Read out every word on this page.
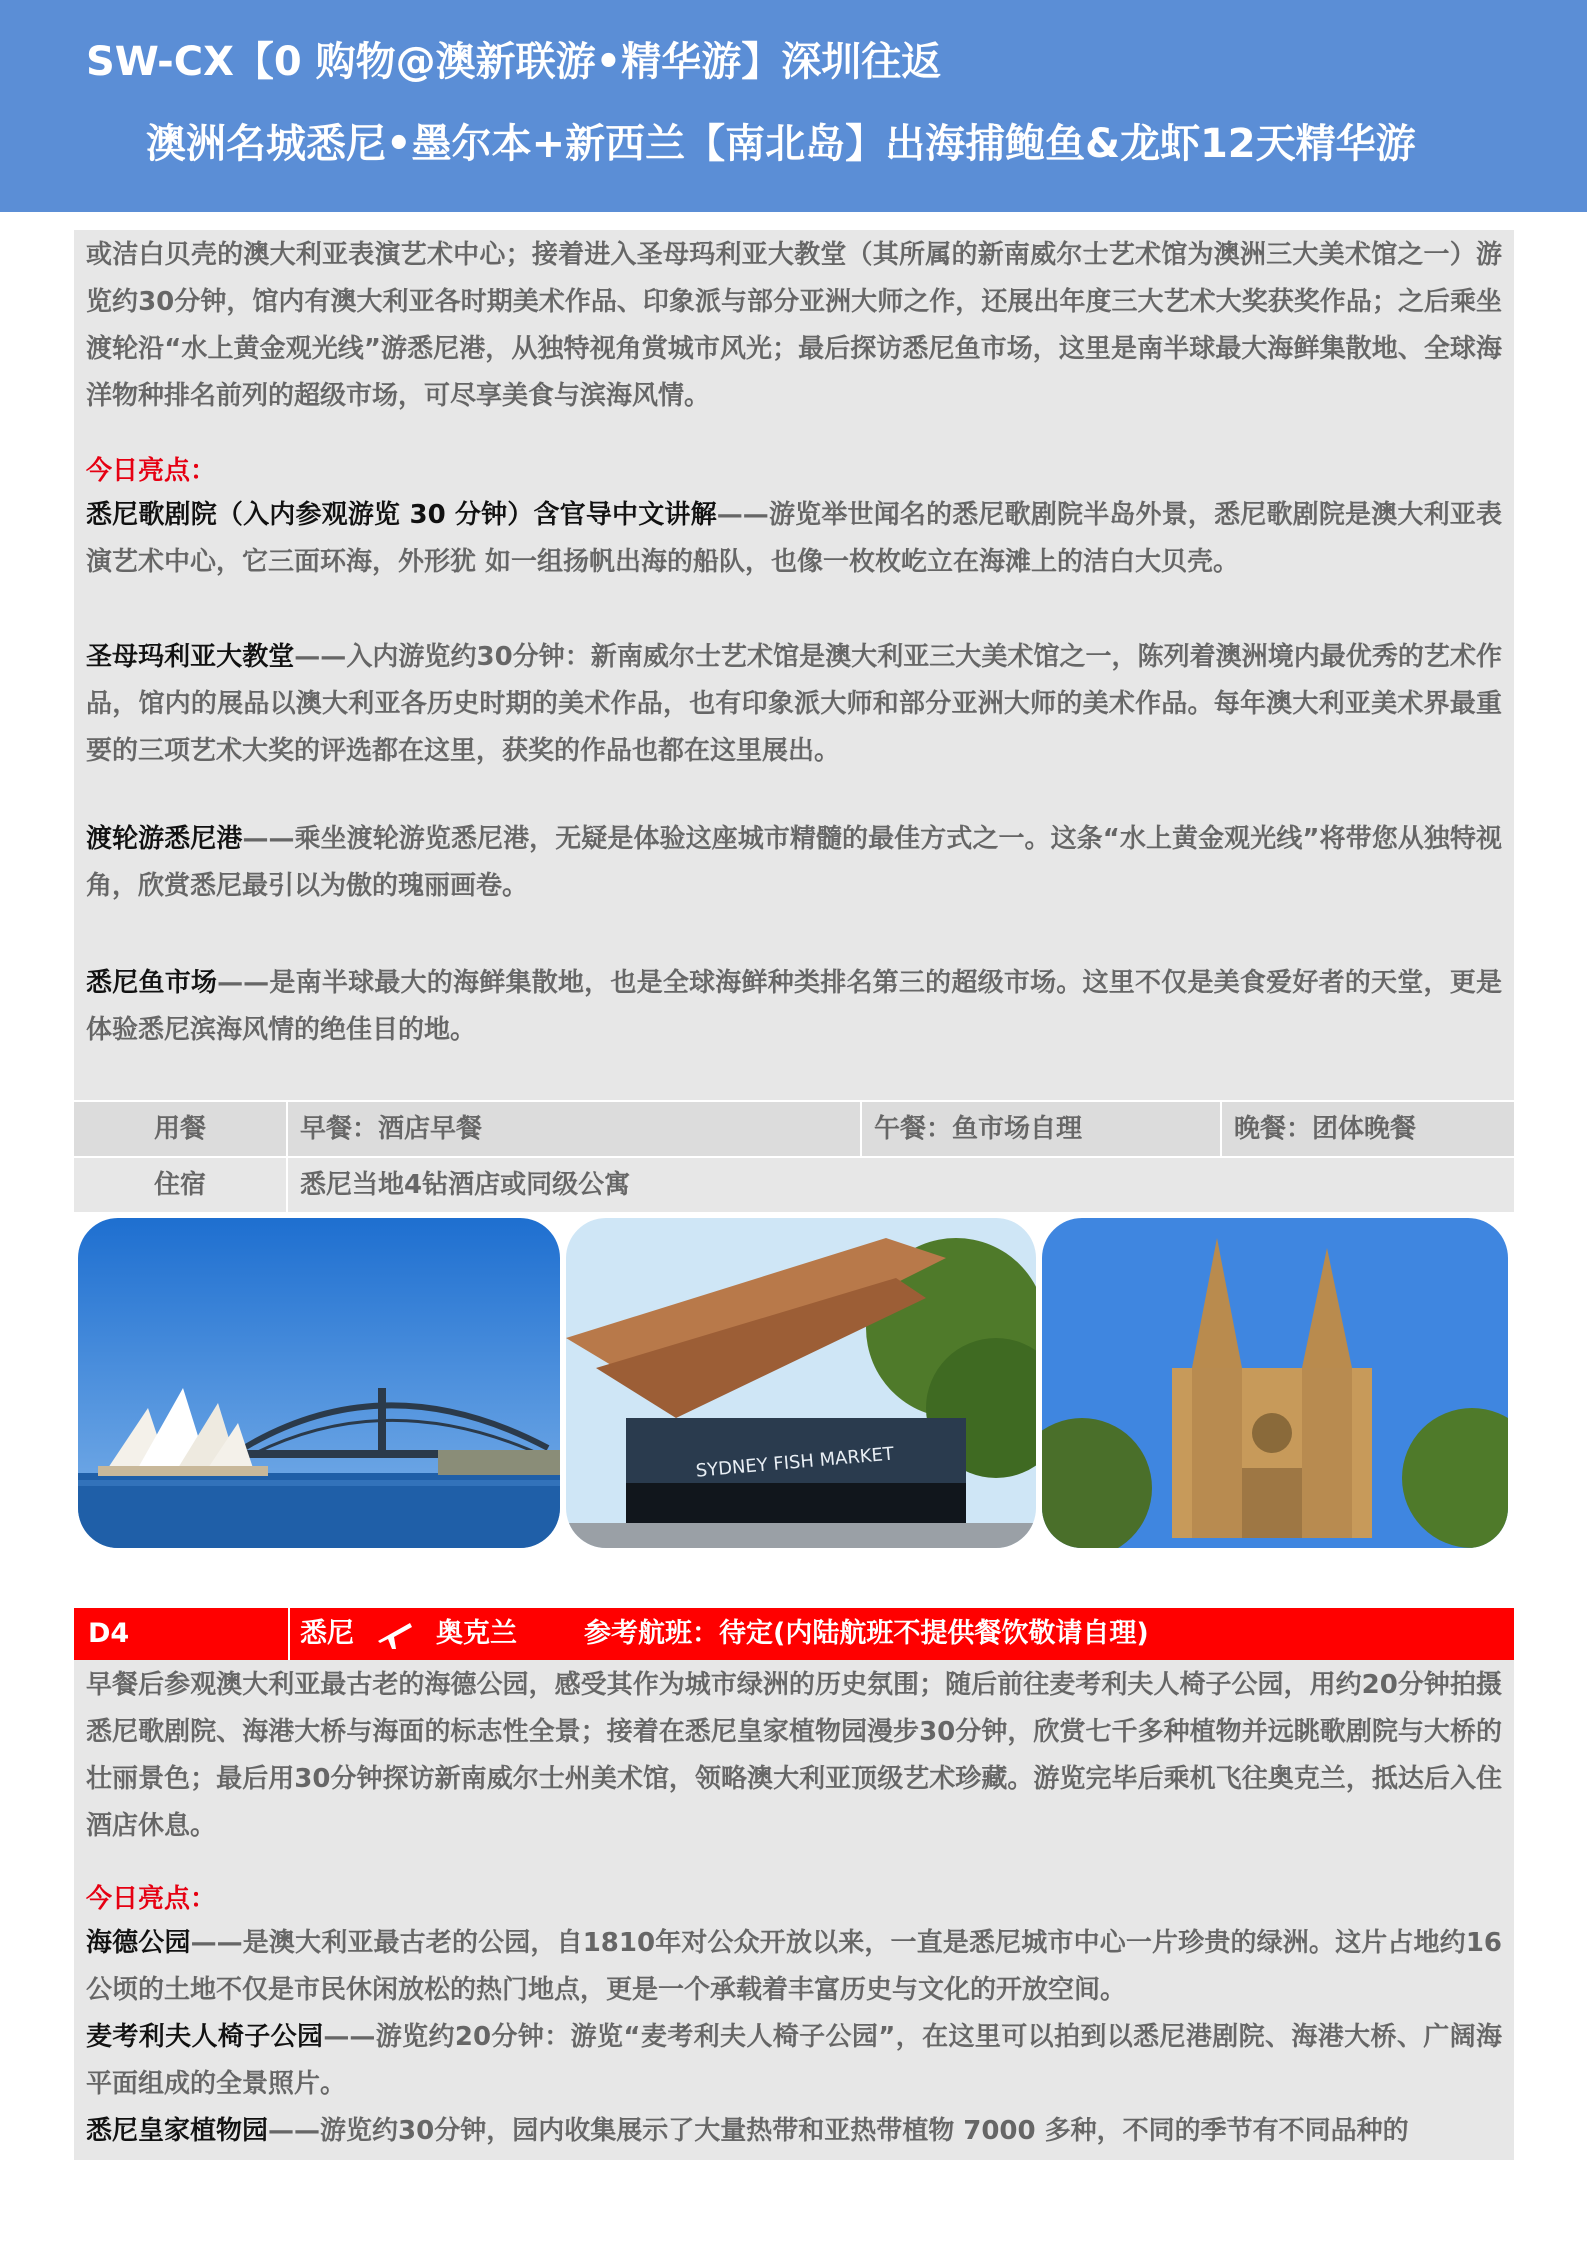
SW-CX【0 购物@澳新联游•精华游】深圳往返
澳洲名城悉尼•墨尔本+新西兰【南北岛】出海捕鲍鱼&龙虾12天精华游
或洁白贝壳的澳大利亚表演艺术中心；接着进入圣母玛利亚大教堂（其所属的新南威尔士艺术馆为澳洲三大美术馆之一）游览约30分钟，馆内有澳大利亚各时期美术作品、印象派与部分亚洲大师之作，还展出年度三大艺术大奖获奖作品；之后乘坐渡轮沿“水上黄金观光线”游悉尼港，从独特视角赏城市风光；最后探访悉尼鱼市场，这里是南半球最大海鲜集散地、全球海洋物种排名前列的超级市场，可尽享美食与滨海风情。
今日亮点：
悉尼歌剧院（入内参观游览 30 分钟）含官导中文讲解——游览举世闻名的悉尼歌剧院半岛外景，悉尼歌剧院是澳大利亚表演艺术中心，它三面环海，外形犹 如一组扬帆出海的船队，也像一枚枚屹立在海滩上的洁白大贝壳。
圣母玛利亚大教堂——入内游览约30分钟：新南威尔士艺术馆是澳大利亚三大美术馆之一，陈列着澳洲境内最优秀的艺术作品，馆内的展品以澳大利亚各历史时期的美术作品，也有印象派大师和部分亚洲大师的美术作品。每年澳大利亚美术界最重要的三项艺术大奖的评选都在这里，获奖的作品也都在这里展出。
渡轮游悉尼港——乘坐渡轮游览悉尼港，无疑是体验这座城市精髓的最佳方式之一。这条“水上黄金观光线”将带您从独特视角，欣赏悉尼最引以为傲的瑰丽画卷。
悉尼鱼市场——是南半球最大的海鲜集散地，也是全球海鲜种类排名第三的超级市场。这里不仅是美食爱好者的天堂，更是体验悉尼滨海风情的绝佳目的地。
用餐	早餐：酒店早餐	午餐：鱼市场自理	晚餐：团体晚餐
住宿	悉尼当地4钻酒店或同级公寓
SYDNEY FISH MARKET
D4	悉尼	奥克兰 参考航班：待定(内陆航班不提供餐饮敬请自理)
早餐后参观澳大利亚最古老的海德公园，感受其作为城市绿洲的历史氛围；随后前往麦考利夫人椅子公园，用约20分钟拍摄悉尼歌剧院、海港大桥与海面的标志性全景；接着在悉尼皇家植物园漫步30分钟，欣赏七千多种植物并远眺歌剧院与大桥的壮丽景色；最后用30分钟探访新南威尔士州美术馆，领略澳大利亚顶级艺术珍藏。游览完毕后乘机飞往奥克兰，抵达后入住酒店休息。
今日亮点：
海德公园——是澳大利亚最古老的公园，自1810年对公众开放以来，一直是悉尼城市中心一片珍贵的绿洲。这片占地约16公顷的土地不仅是市民休闲放松的热门地点，更是一个承载着丰富历史与文化的开放空间。
麦考利夫人椅子公园——游览约20分钟：游览“麦考利夫人椅子公园”，在这里可以拍到以悉尼港剧院、海港大桥、广阔海平面组成的全景照片。
悉尼皇家植物园——游览约30分钟，园内收集展示了大量热带和亚热带植物 7000 多种，不同的季节有不同品种的
